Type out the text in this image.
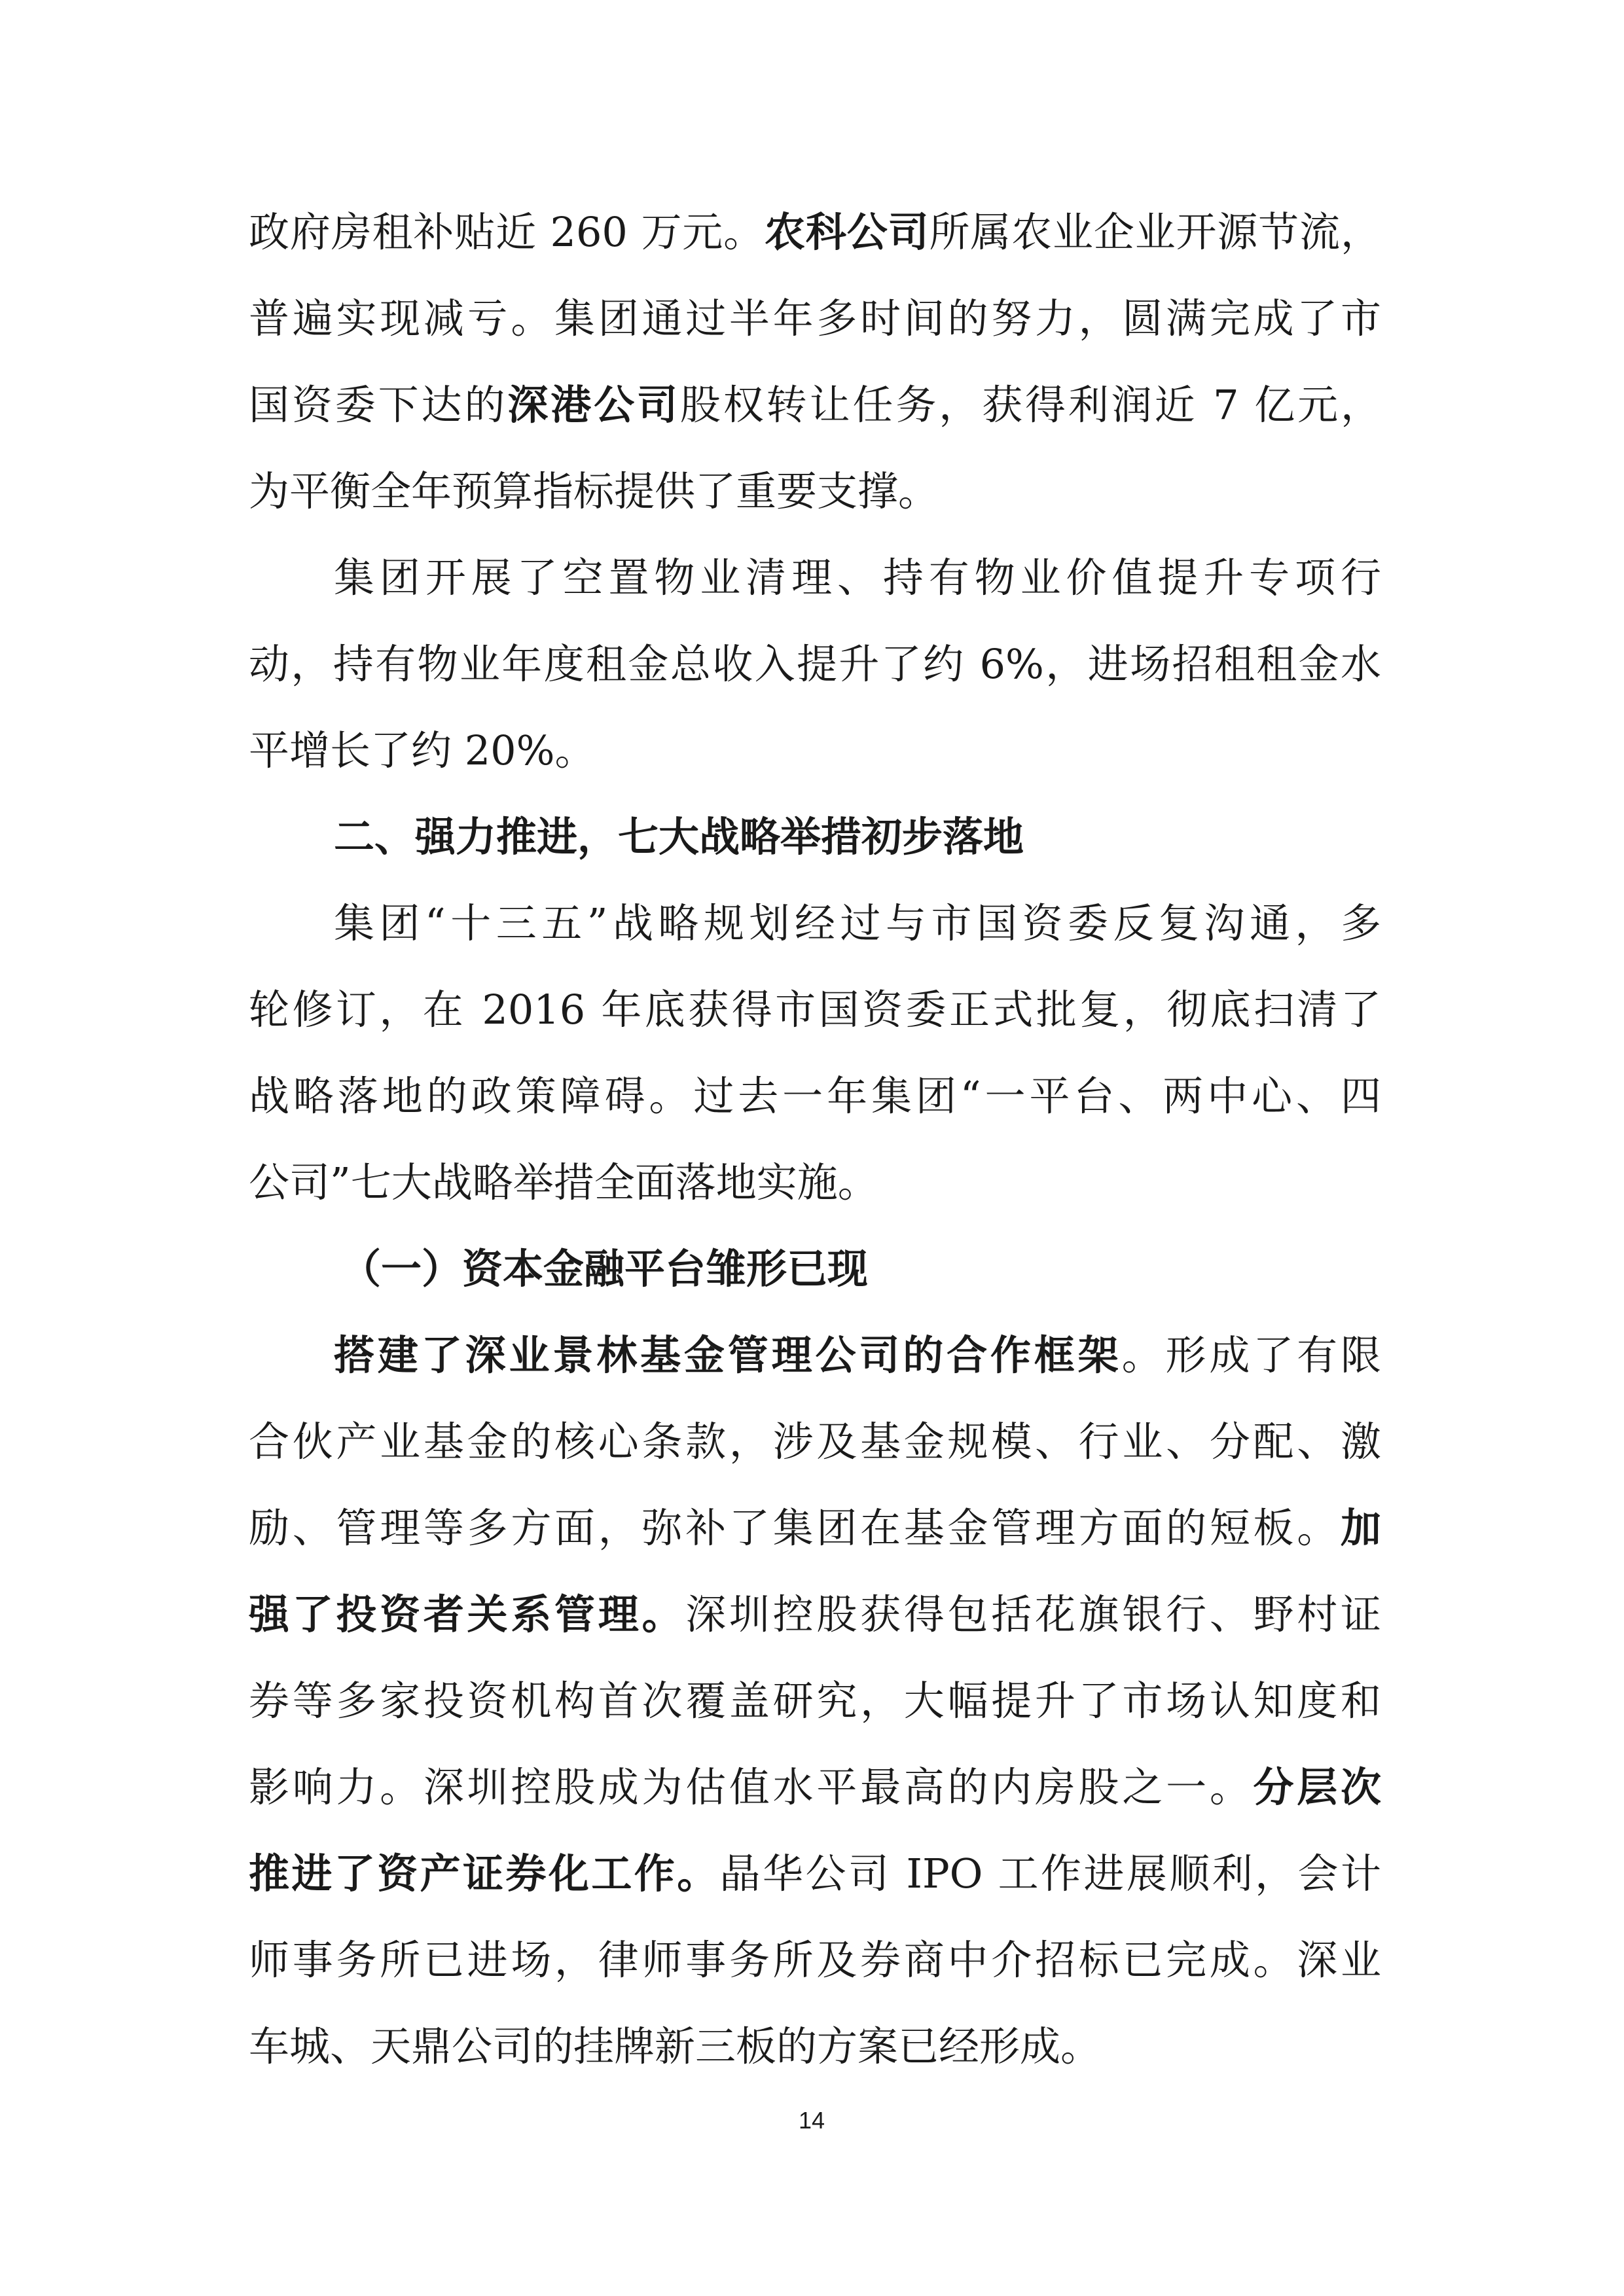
政府房租补贴近 260 万元。农科公司所属农业企业开源节流，
普遍实现减亏。集团通过半年多时间的努力，圆满完成了市
国资委下达的深港公司股权转让任务，获得利润近 7 亿元，
为平衡全年预算指标提供了重要支撑。
集团开展了空置物业清理、持有物业价值提升专项行
动，持有物业年度租金总收入提升了约 6%，进场招租租金水
平增长了约 20%。
二、强力推进，七大战略举措初步落地
集团“十三五”战略规划经过与市国资委反复沟通，多
轮修订，在 2016 年底获得市国资委正式批复，彻底扫清了
战略落地的政策障碍。过去一年集团“一平台、两中心、四
公司”七大战略举措全面落地实施。
（一）资本金融平台雏形已现
搭建了深业景林基金管理公司的合作框架。形成了有限
合伙产业基金的核心条款，涉及基金规模、行业、分配、激
励、管理等多方面，弥补了集团在基金管理方面的短板。加
强了投资者关系管理。深圳控股获得包括花旗银行、野村证
券等多家投资机构首次覆盖研究，大幅提升了市场认知度和
影响力。深圳控股成为估值水平最高的内房股之一。分层次
推进了资产证券化工作。晶华公司 IPO 工作进展顺利，会计
师事务所已进场，律师事务所及券商中介招标已完成。深业
车城、天鼎公司的挂牌新三板的方案已经形成。
14
